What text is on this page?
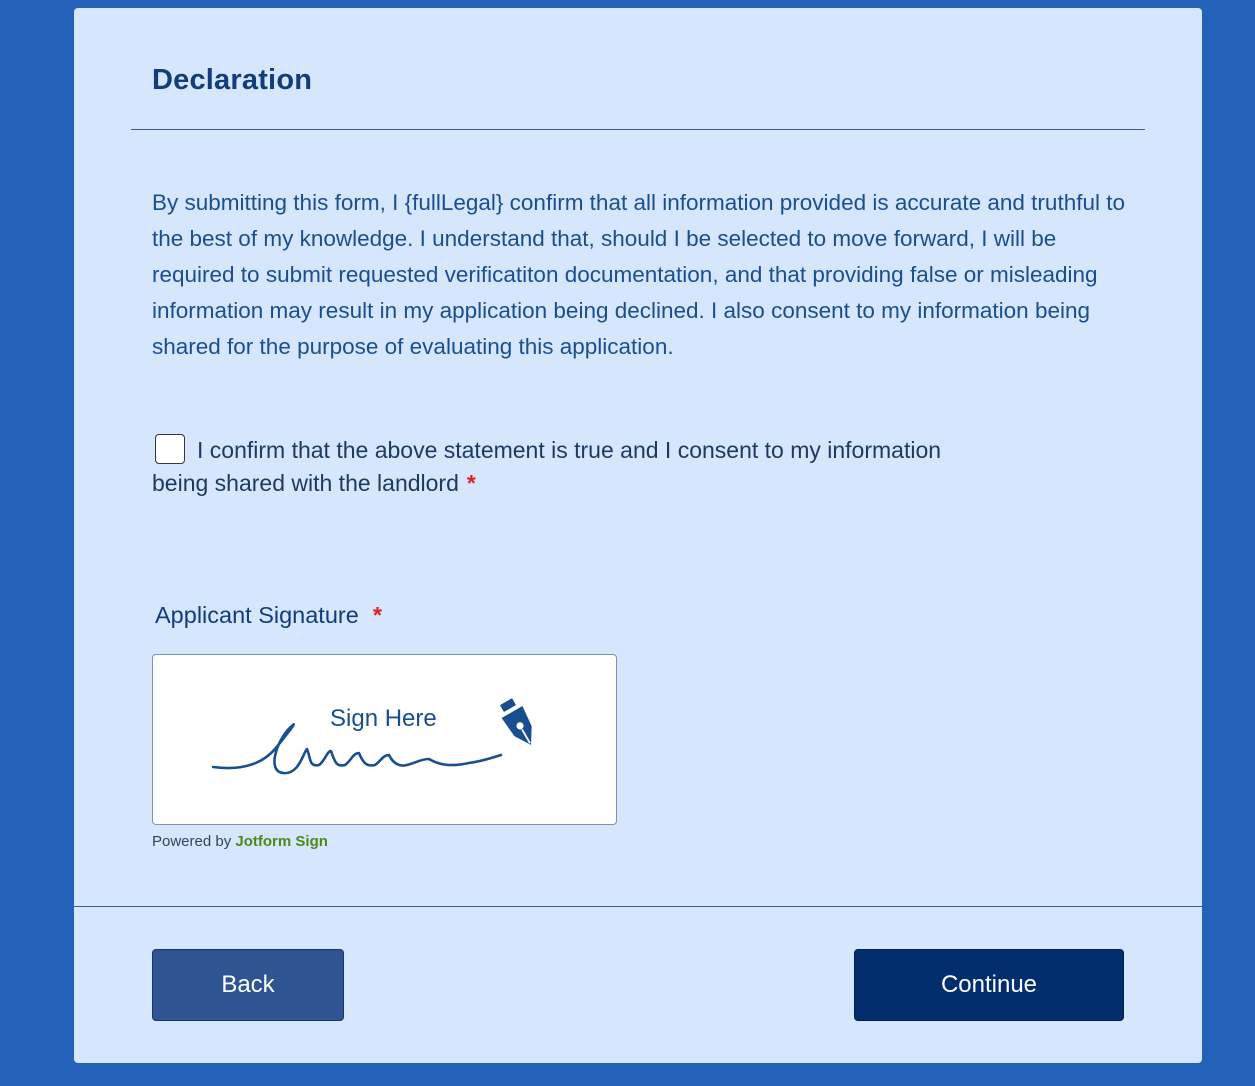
Declaration

By submitting this form, I {fullLegal} confirm that all information provided is accurate and truthful to the best of my knowledge. I understand that, should I be selected to move forward, I will be required to submit requested verificatiton documentation, and that providing false or misleading information may result in my application being declined. I also consent to my information being shared for the purpose of evaluating this application.

I confirm that the above statement is true and I consent to my information being shared with the landlord *
Applicant Signature *
Sign Here
Powered by Jotform Sign
Back	Continue
